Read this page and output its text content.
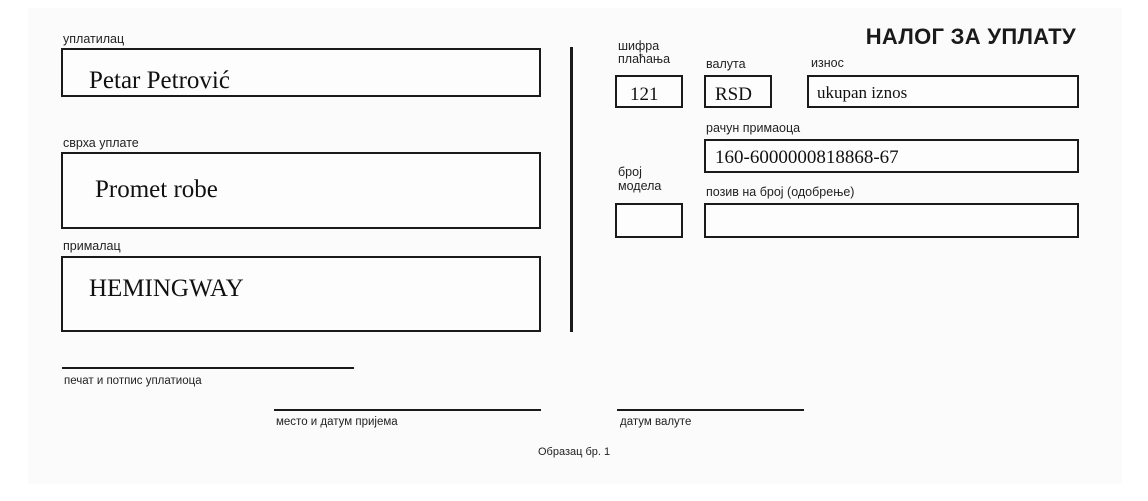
НАЛОГ ЗА УПЛАТУ
уплатилац
Petar Petrović
сврха уплате
Promet robe
прималац
HEMINGWAY
шифра
плаћања
121
валута
RSD
износ
ukupan iznos
рачун примаоца
160-6000000818868-67
број
модела	позив на број (одобрење)
печат и потпис уплатиоца
место и датум пријема	датум валуте
Образац бр. 1
